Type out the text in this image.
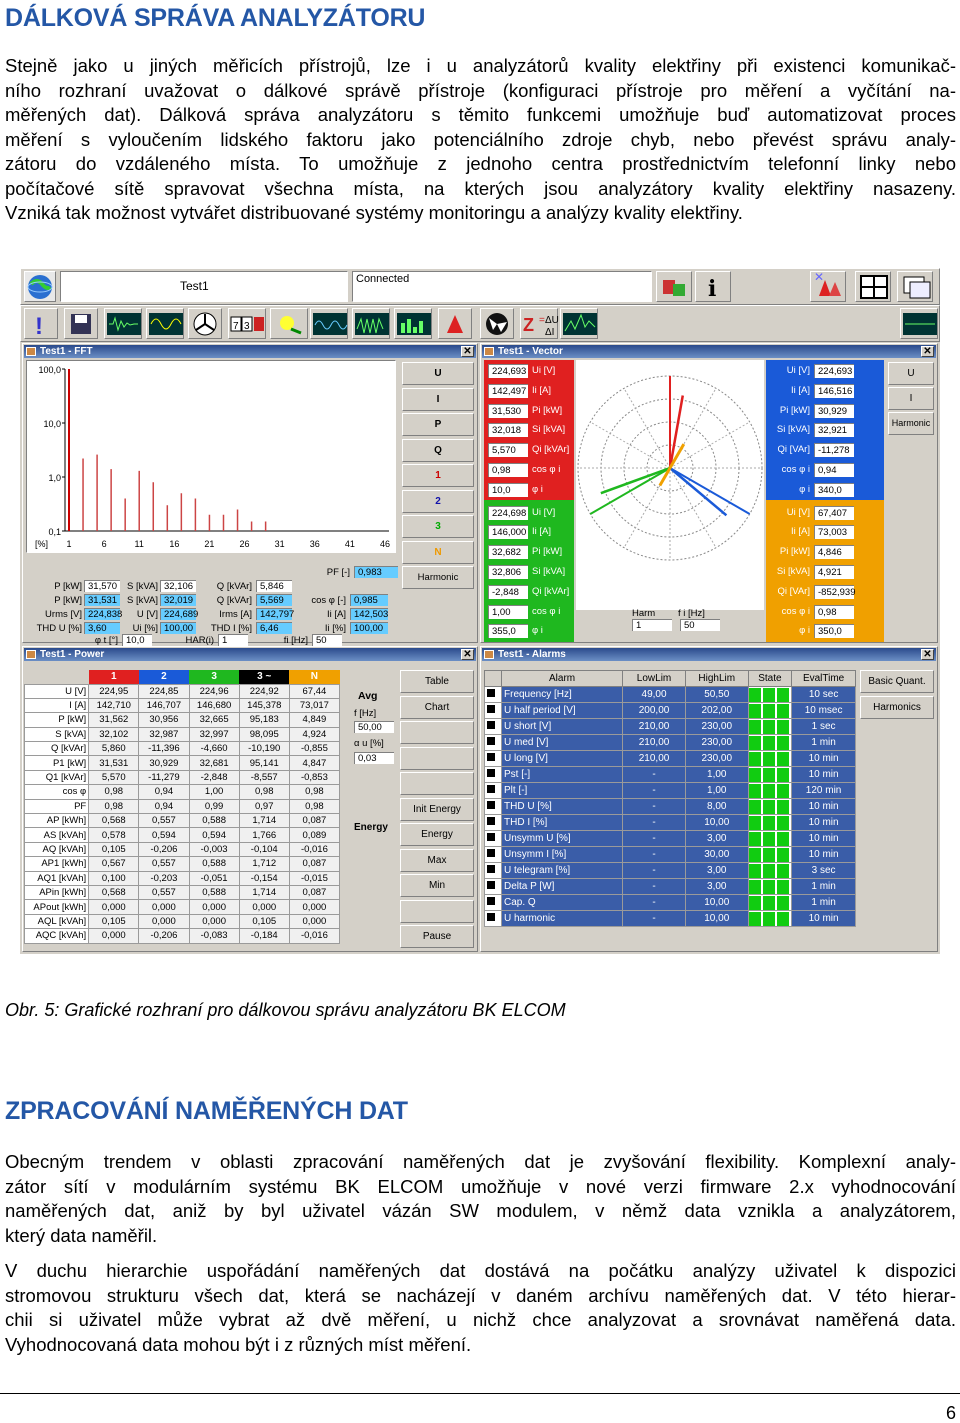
DÁLKOVÁ SPRÁVA ANALYZÁTORU
Stejně jako u jiných měřicích přístrojů, lze i u analyzátorů kvality elektřiny při existenci komunikač-
ního rozhraní uvažovat o dálkové správě přístroje (konfiguraci přístroje pro měření a vyčítání na-
měřených dat). Dálková správa analyzátoru s těmito funkcemi umožňuje buď automatizovat proces
měření s vyloučením lidského faktoru jako potenciálního zdroje chyb, nebo převést správu analy-
zátoru do vzdáleného místa. To umožňuje z jednoho centra prostřednictvím telefonní linky nebo
počítačové sítě spravovat všechna místa, na kterých jsou analyzátory kvality elektřiny nasazeny.
Vzniká tak možnost vytvářet distribuované systémy monitoringu a analýzy kvality elektřiny.
Test1	Connected	i	✕
!	7 3	Z = ΔU
ΔI
Test1 - FFT	✕
100,0
10,0
1,0
0,1
[%] 1	6	11	16	21	26	31	36	41	46
U
I
P
Q
1
2
3
N
Harmonic
PF [-] 0,983
P [kW] 31,570	S [kVA] 32,106	Q [kVAr] 5,846
P [kW] 31,531	S [kVA] 32,019	Q [kVAr] 5,569	cos φ [-] 0,985
Urms [V] 224,838	U [V] 224,689	Irms [A] 142,797	Ii [A] 142,503
THD U [%] 3,60	Ui [%] 100,00	THD I [%] 6,46	Ii [%] 100,00
φ t [°] 10,0	HAR(i) 1	fi [Hz] 50
Test1 - Vector	✕
224,693 Ui [V]
142,497 Ii [A]
31,530	Pi [kW]
32,018	Si [kVA]
5,570	Qi [kVAr]
0,98	cos φ i
10,0	φ i
224,698 Ui [V]
146,000 Ii [A]
32,682	Pi [kW]
32,806	Si [kVA]
-2,848	Qi [kVAr]
1,00	cos φ i
355,0	φ i
Ui [V] 224,693
Ii [A] 146,516
Pi [kW] 30,929
Si [kVA] 32,921
Qi [VAr] -11,278
cos φ i 0,94
φ i 340,0
Ui [V] 67,407
Ii [A] 73,003
Pi [kW] 4,846
Si [kVA] 4,921
Qi [VAr] -852,939
cos φ i 0,98
φ i 350,0
Harm
1
f i [Hz]
50
U
I
Harmonic
Test1 - Power	✕
	1	2	3	3 ~	N
U [V]	224,95	224,85	224,96	224,92	67,44
I [A]	142,710	146,707	146,680	145,378	73,017
P [kW]	31,562	30,956	32,665	95,183	4,849
S [kVA]	32,102	32,987	32,997	98,095	4,924
Q [kVAr]	5,860	-11,396	-4,660	-10,190	-0,855
P1 [kW]	31,531	30,929	32,681	95,141	4,847
Q1 [kVAr]	5,570	-11,279	-2,848	-8,557	-0,853
cos φ	0,98	0,94	1,00	0,98	0,98
PF	0,98	0,94	0,99	0,97	0,98
AP [kWh]	0,568	0,557	0,588	1,714	0,087
AS [kVAh]	0,578	0,594	0,594	1,766	0,089
AQ [kVAh]	0,105	-0,206	-0,003	-0,104	-0,016
AP1 [kWh]	0,567	0,557	0,588	1,712	0,087
AQ1 [kVAh]	0,100	-0,203	-0,051	-0,154	-0,015
APin [kWh]	0,568	0,557	0,588	1,714	0,087
APout [kWh]	0,000	0,000	0,000	0,000	0,000
AQL [kVAh]	0,105	0,000	0,000	0,105	0,000
AQC [kVAh]	0,000	-0,206	-0,083	-0,184	-0,016
Avg
f [Hz]
50,00
α u [%]
0,03
Energy
Table
Chart
Init Energy
Energy
Max
Min
Pause
Test1 - Alarms	✕
	Alarm	LowLim	HighLim	State	EvalTime
	Frequency [Hz]	49,00	50,50		10 sec
	U half period [V]	200,00	202,00		10 msec
	U short [V]	210,00	230,00		1 sec
	U med [V]	210,00	230,00		1 min
	U long [V]	210,00	230,00		10 min
	Pst [-]	-	1,00		10 min
	Plt [-]	-	1,00		120 min
	THD U [%]	-	8,00		10 min
	THD I [%]	-	10,00		10 min
	Unsymm U [%]	-	3,00		10 min
	Unsymm I [%]	-	30,00		10 min
	U telegram [%]	-	3,00		3 sec
	Delta P [W]	-	3,00		1 min
	Cap. Q	-	10,00		1 min
	U harmonic	-	10,00		10 min
Basic Quant.
Harmonics
Obr. 5: Grafické rozhraní pro dálkovou správu analyzátoru BK ELCOM
ZPRACOVÁNÍ NAMĚŘENÝCH DAT
Obecným trendem v oblasti zpracování naměřených dat je zvyšování flexibility. Komplexní analy-
zátor sítí v modulárním systému BK ELCOM umožňuje v nové verzi firmware 2.x vyhodnocování
naměřených dat, aniž by byl uživatel vázán SW modulem, v němž data vznikla a analyzátorem,
který data naměřil.
V duchu hierarchie uspořádání naměřených dat dostává na počátku analýzy uživatel k dispozici
stromovou strukturu všech dat, která se nacházejí v daném archívu naměřených dat. V této hierar-
chii si uživatel může vybrat až dvě měření, u nichž chce analyzovat a srovnávat naměřená data.
Vyhodnocovaná data mohou být i z různých míst měření.
6
